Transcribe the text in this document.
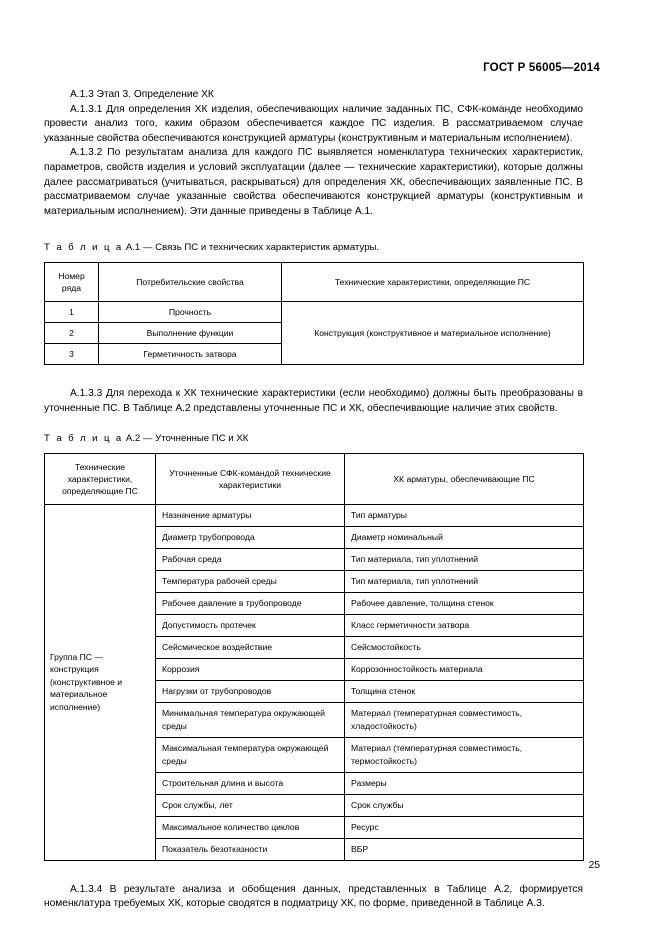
ГОСТ Р 56005—2014

А.1.3 Этап 3. Определение ХК

А.1.3.1 Для определения ХК изделия, обеспечивающих наличие заданных ПС, СФК-команде необходимо провести анализ того, каким образом обеспечивается каждое ПС изделия. В рассматриваемом случае указанные свойства обеспечиваются конструкцией арматуры (конструктивным и материальным исполнением).

А.1.3.2 По результатам анализа для каждого ПС выявляется номенклатура технических характеристик, параметров, свойств изделия и условий эксплуатации (далее — технические характеристики), которые должны далее рассматриваться (учитываться, раскрываться) для определения ХК, обеспечивающих заявленные ПС. В рассматриваемом случае указанные свойства обеспечиваются конструкцией арматуры (конструктивным и материальным исполнением). Эти данные приведены в Таблице А.1.

Т а б л и ц а А.1 — Связь ПС и технических характеристик арматуры.

Номер ряда	Потребительские свойства	Технические характеристики, определяющие ПС
1	Прочность	Конструкция (конструктивное и материальное исполнение)
2	Выполнение функции	
3	Герметичность затвора	

А.1.3.3 Для перехода к ХК технические характеристики (если необходимо) должны быть преобразованы в уточненные ПС. В Таблице А.2 представлены уточненные ПС и ХК, обеспечивающие наличие этих свойств.

Т а б л и ц а А.2 — Уточненные ПС и ХК

Технические характеристики, определяющие ПС	Уточненные СФК-командой технические характеристики	ХК арматуры, обеспечивающие ПС
Группа ПС — конструкция (конструктивное и материальное исполнение)	Назначение арматуры	Тип арматуры
	Диаметр трубопровода	Диаметр номинальный
	Рабочая среда	Тип материала, тип уплотнений
	Температура рабочей среды	Тип материала, тип уплотнений
	Рабочее давление в трубопроводе	Рабочее давление, толщина стенок
	Допустимость протечек	Класс герметичности затвора
	Сейсмическое воздействие	Сейсмостойкость
	Коррозия	Коррозонностойкость материала
	Нагрузки от трубопроводов	Толщина стенок
	Минимальная температура окружающей среды	Материал (температурная совместимость, хладостойкость)
	Максимальная температура окружающей среды	Материал (температурная совместимость, термостойкость)
	Строительная длина и высота	Размеры
	Срок службы, лет	Срок службы
	Максимальное количество циклов	Ресурс
	Показатель безотказности	ВБР

А.1.3.4 В результате анализа и обобщения данных, представленных в Таблице А.2, формируется номенклатура требуемых ХК, которые сводятся в подматрицу ХК, по форме, приведенной в Таблице А.3.

25
